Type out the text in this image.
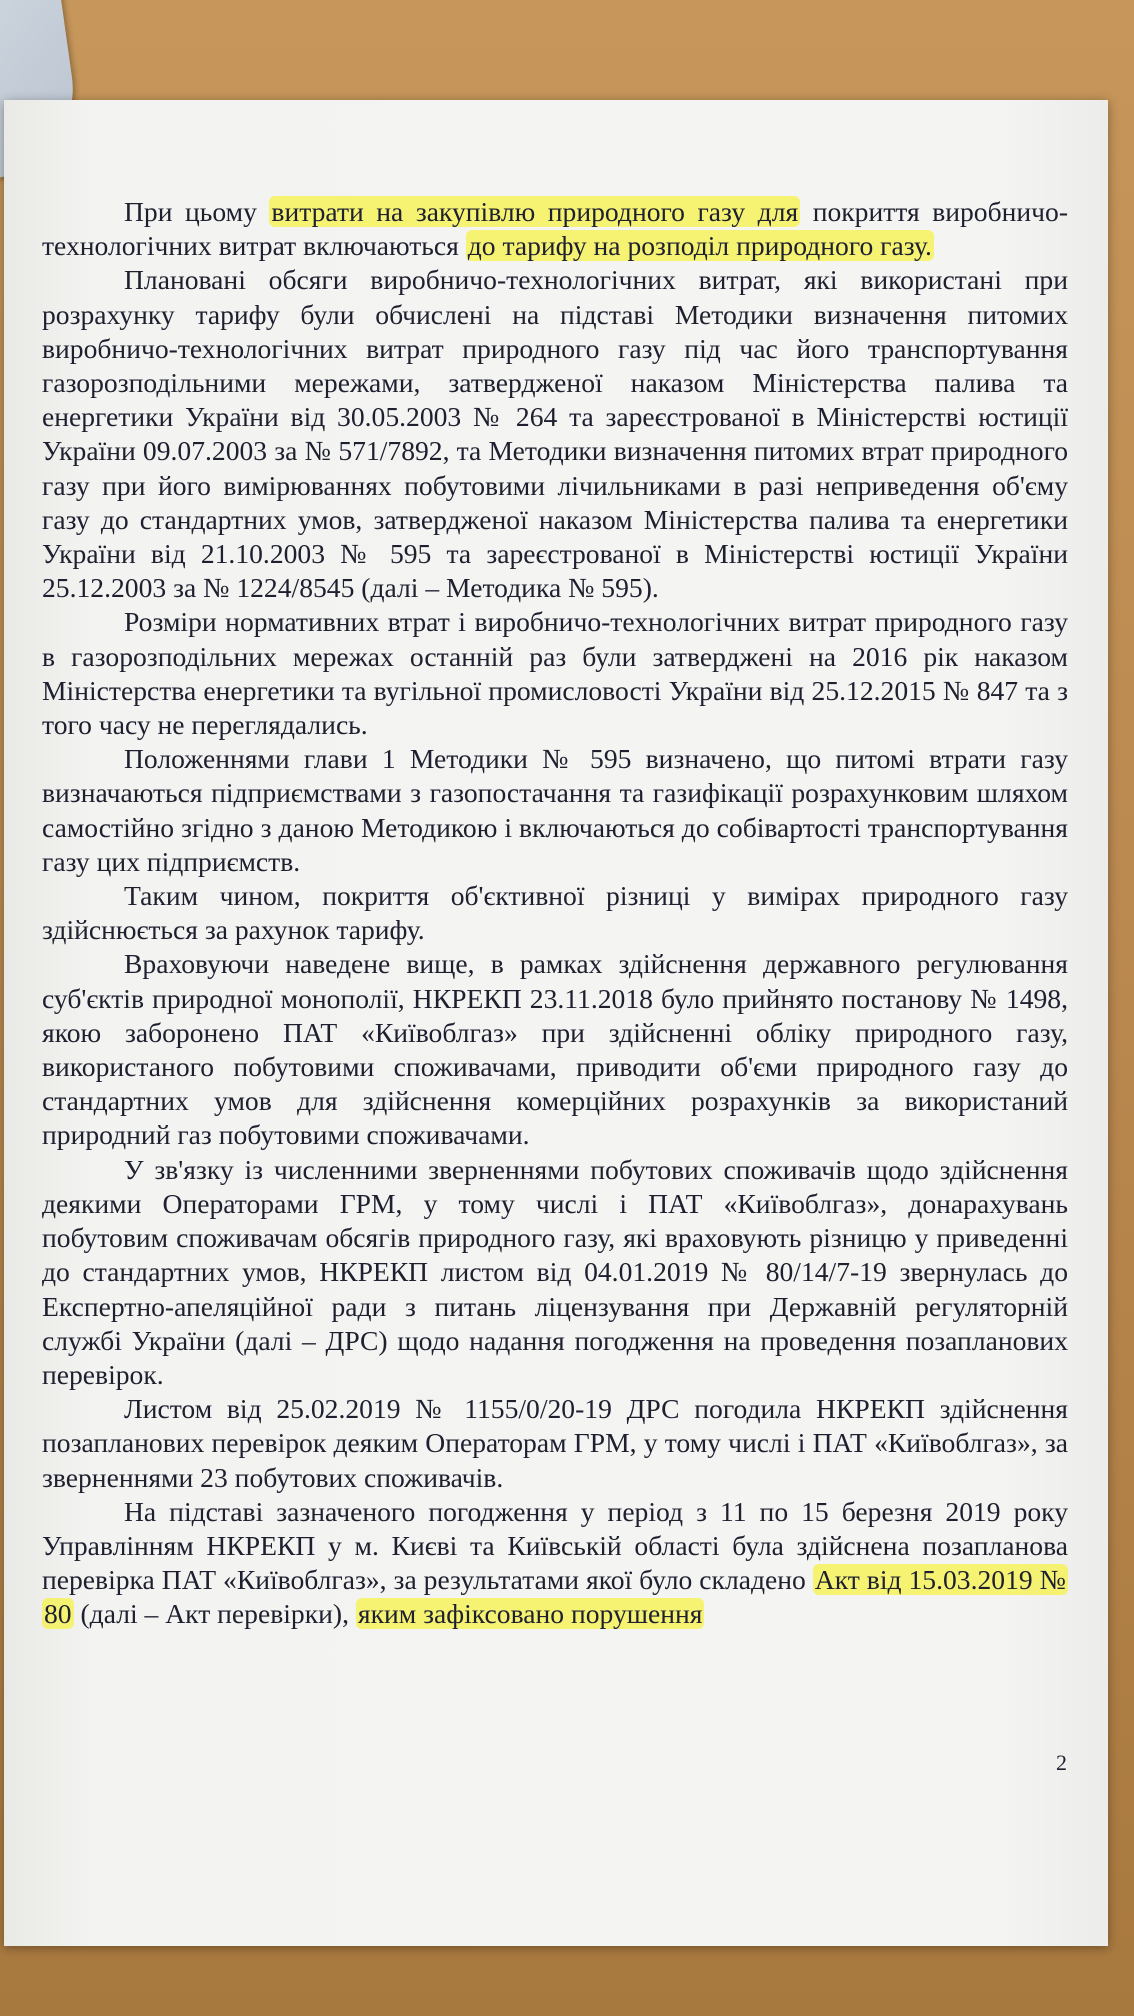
При цьому витрати на закупівлю природного газу для покриття виробничо-технологічних витрат включаються до тарифу на розподіл природного газу.

Плановані обсяги виробничо-технологічних витрат, які використані при розрахунку тарифу були обчислені на підставі Методики визначення питомих виробничо-технологічних витрат природного газу під час його транспортування газорозподільними мережами, затвердженої наказом Міністерства палива та енергетики України від 30.05.2003 № 264 та зареєстрованої в Міністерстві юстиції України 09.07.2003 за № 571/7892, та Методики визначення питомих втрат природного газу при його вимірюваннях побутовими лічильниками в разі неприведення об'єму газу до стандартних умов, затвердженої наказом Міністерства палива та енергетики України від 21.10.2003 № 595 та зареєстрованої в Міністерстві юстиції України 25.12.2003 за № 1224/8545 (далі – Методика № 595).

Розміри нормативних втрат і виробничо-технологічних витрат природного газу в газорозподільних мережах останній раз були затверджені на 2016 рік наказом Міністерства енергетики та вугільної промисловості України від 25.12.2015 № 847 та з того часу не переглядались.

Положеннями глави 1 Методики № 595 визначено, що питомі втрати газу визначаються підприємствами з газопостачання та газифікації розрахунковим шляхом самостійно згідно з даною Методикою і включаються до собівартості транспортування газу цих підприємств.

Таким чином, покриття об'єктивної різниці у вимірах природного газу здійснюється за рахунок тарифу.

Враховуючи наведене вище, в рамках здійснення державного регулювання суб'єктів природної монополії, НКРЕКП 23.11.2018 було прийнято постанову № 1498, якою заборонено ПАТ «Київоблгаз» при здійсненні обліку природного газу, використаного побутовими споживачами, приводити об'єми природного газу до стандартних умов для здійснення комерційних розрахунків за використаний природний газ побутовими споживачами.

У зв'язку із численними зверненнями побутових споживачів щодо здійснення деякими Операторами ГРМ, у тому числі і ПАТ «Київоблгаз», донарахувань побутовим споживачам обсягів природного газу, які враховують різницю у приведенні до стандартних умов, НКРЕКП листом від 04.01.2019 № 80/14/7-19 звернулась до Експертно-апеляційної ради з питань ліцензування при Державній регуляторній службі України (далі – ДРС) щодо надання погодження на проведення позапланових перевірок.

Листом від 25.02.2019 № 1155/0/20-19 ДРС погодила НКРЕКП здійснення позапланових перевірок деяким Операторам ГРМ, у тому числі і ПАТ «Київоблгаз», за зверненнями 23 побутових споживачів.

На підставі зазначеного погодження у період з 11 по 15 березня 2019 року Управлінням НКРЕКП у м. Києві та Київській області була здійснена позапланова перевірка ПАТ «Київоблгаз», за результатами якої було складено Акт від 15.03.2019 № 80 (далі – Акт перевірки), яким зафіксовано порушення

2
